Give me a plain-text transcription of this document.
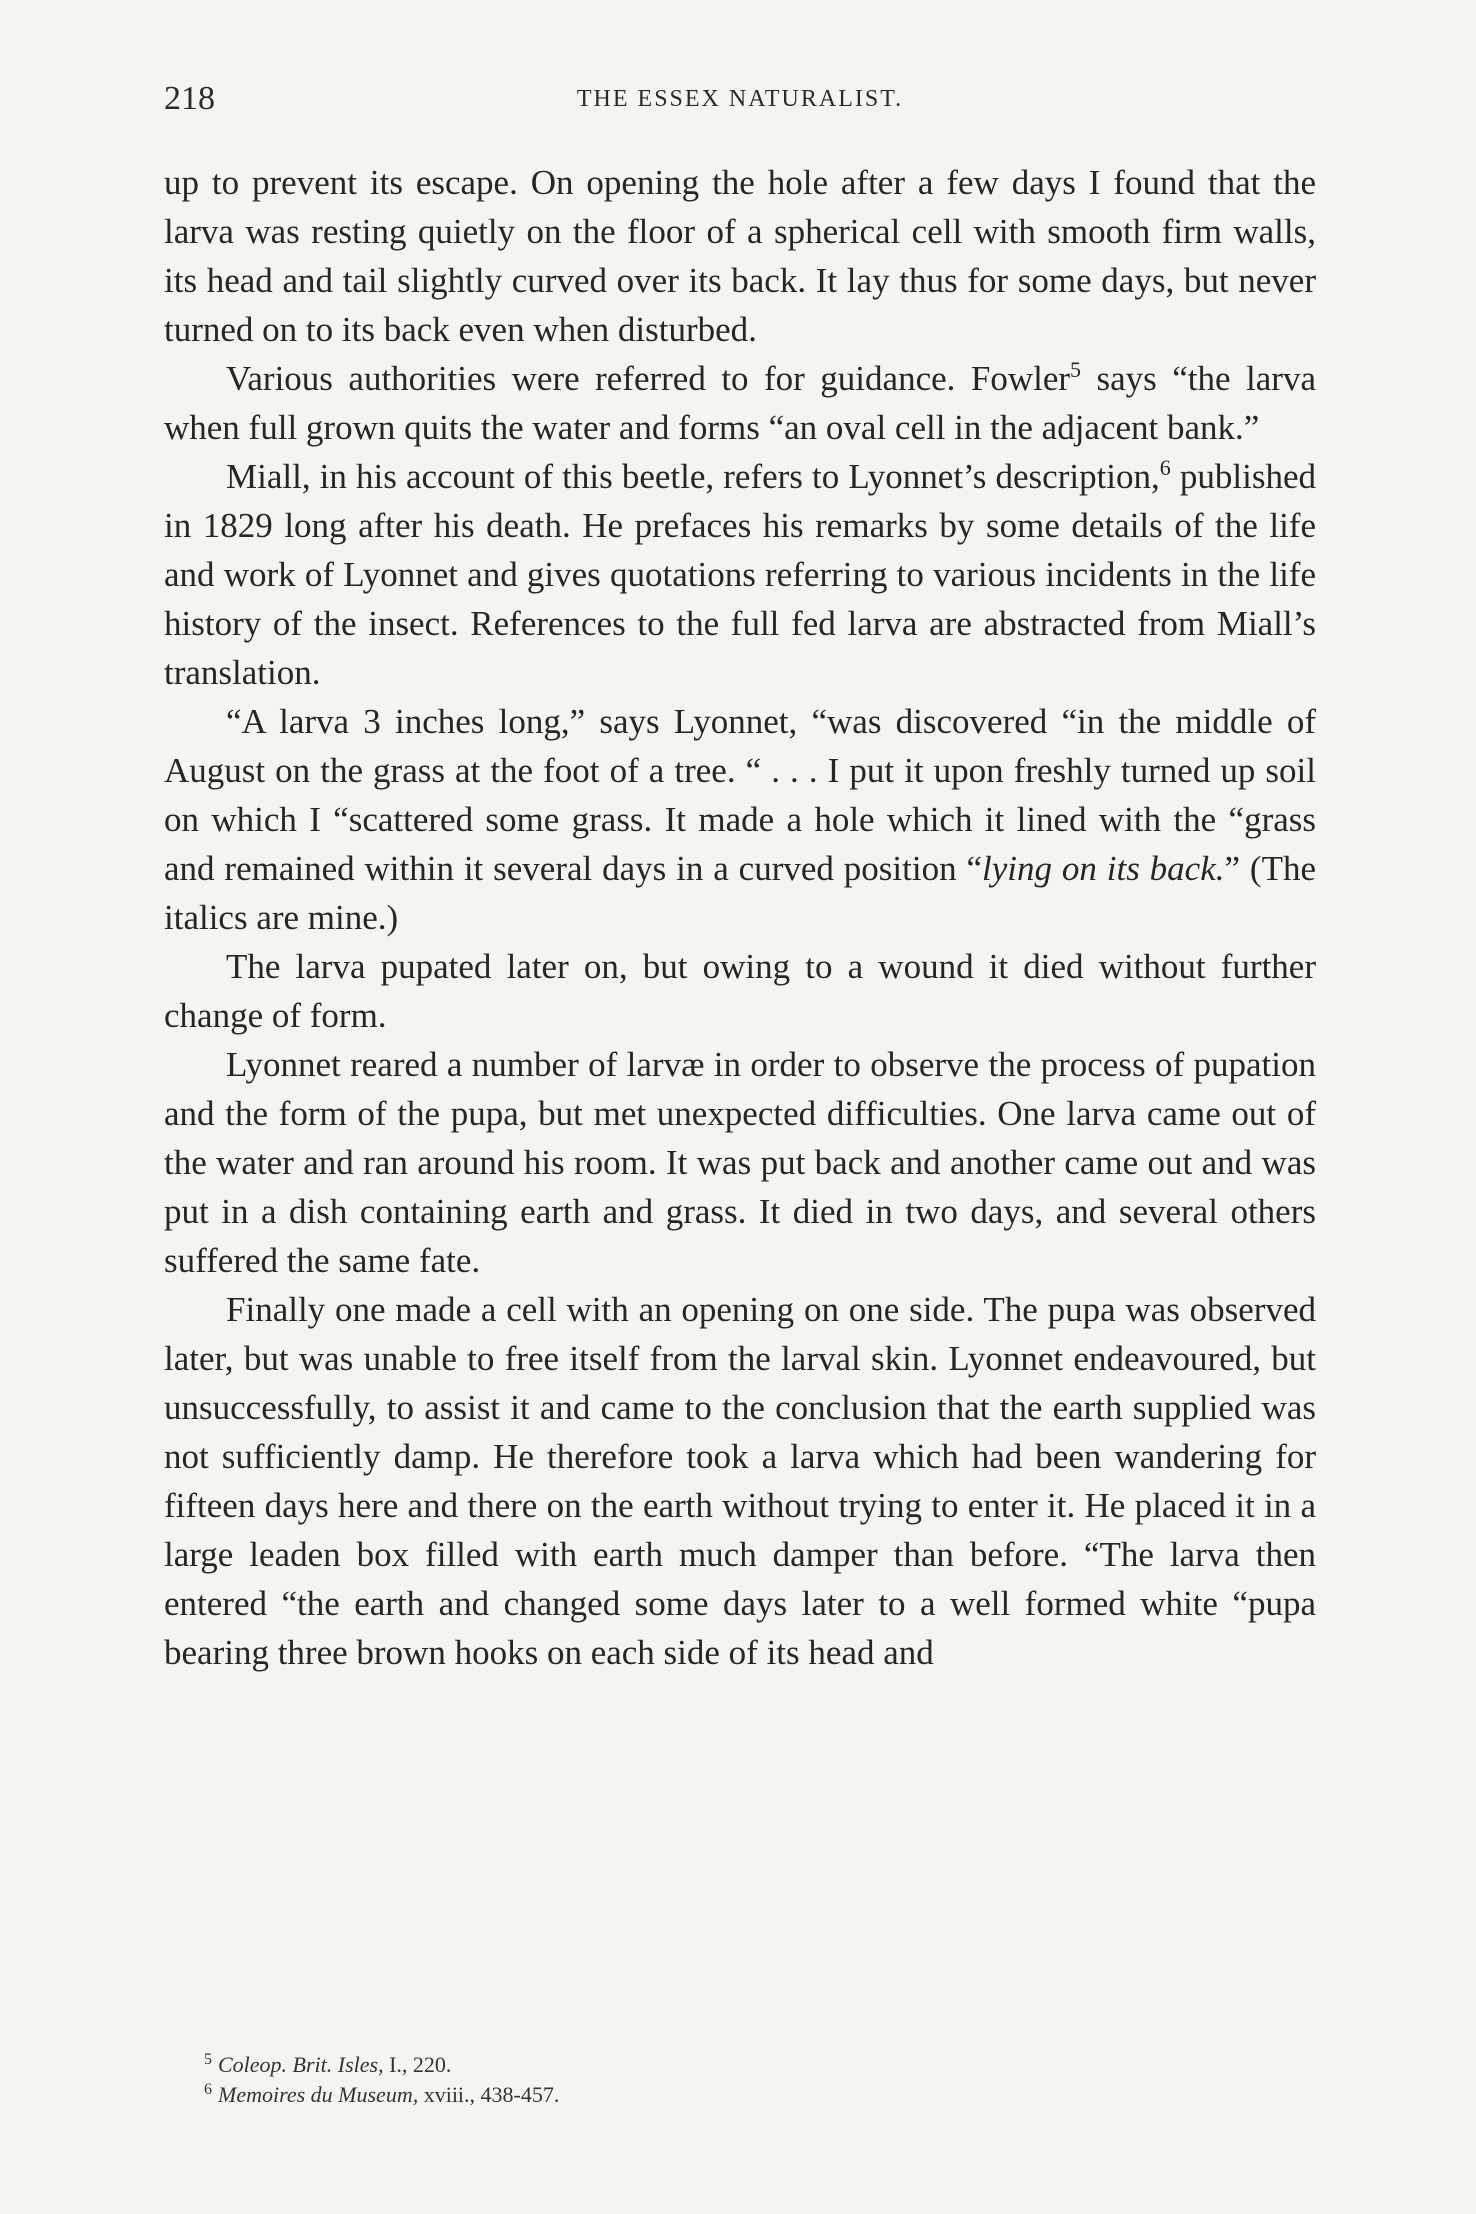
218	THE ESSEX NATURALIST.

up to prevent its escape. On opening the hole after a few days I found that the larva was resting quietly on the floor of a spherical cell with smooth firm walls, its head and tail slightly curved over its back. It lay thus for some days, but never turned on to its back even when disturbed.

Various authorities were referred to for guidance. Fowler$^5$ says “the larva when full grown quits the water and forms “an oval cell in the adjacent bank.”

Miall, in his account of this beetle, refers to Lyonnet’s description,$^6$ published in 1829 long after his death. He prefaces his remarks by some details of the life and work of Lyonnet and gives quotations referring to various incidents in the life history of the insect. References to the full fed larva are abstracted from Miall’s translation.

“A larva 3 inches long,” says Lyonnet, “was discovered “in the middle of August on the grass at the foot of a tree. “ . . . I put it upon freshly turned up soil on which I “scattered some grass. It made a hole which it lined with the “grass and remained within it several days in a curved position “lying on its back.” (The italics are mine.)

The larva pupated later on, but owing to a wound it died without further change of form.

Lyonnet reared a number of larvæ in order to observe the process of pupation and the form of the pupa, but met unexpected difficulties. One larva came out of the water and ran around his room. It was put back and another came out and was put in a dish containing earth and grass. It died in two days, and several others suffered the same fate.

Finally one made a cell with an opening on one side. The pupa was observed later, but was unable to free itself from the larval skin. Lyonnet endeavoured, but unsuccessfully, to assist it and came to the conclusion that the earth supplied was not sufficiently damp. He therefore took a larva which had been wandering for fifteen days here and there on the earth without trying to enter it. He placed it in a large leaden box filled with earth much damper than before. “The larva then entered “the earth and changed some days later to a well formed white “pupa bearing three brown hooks on each side of its head and

$^5$ Coleop. Brit. Isles, I., 220.

$^6$ Memoires du Museum, xviii., 438-457.
